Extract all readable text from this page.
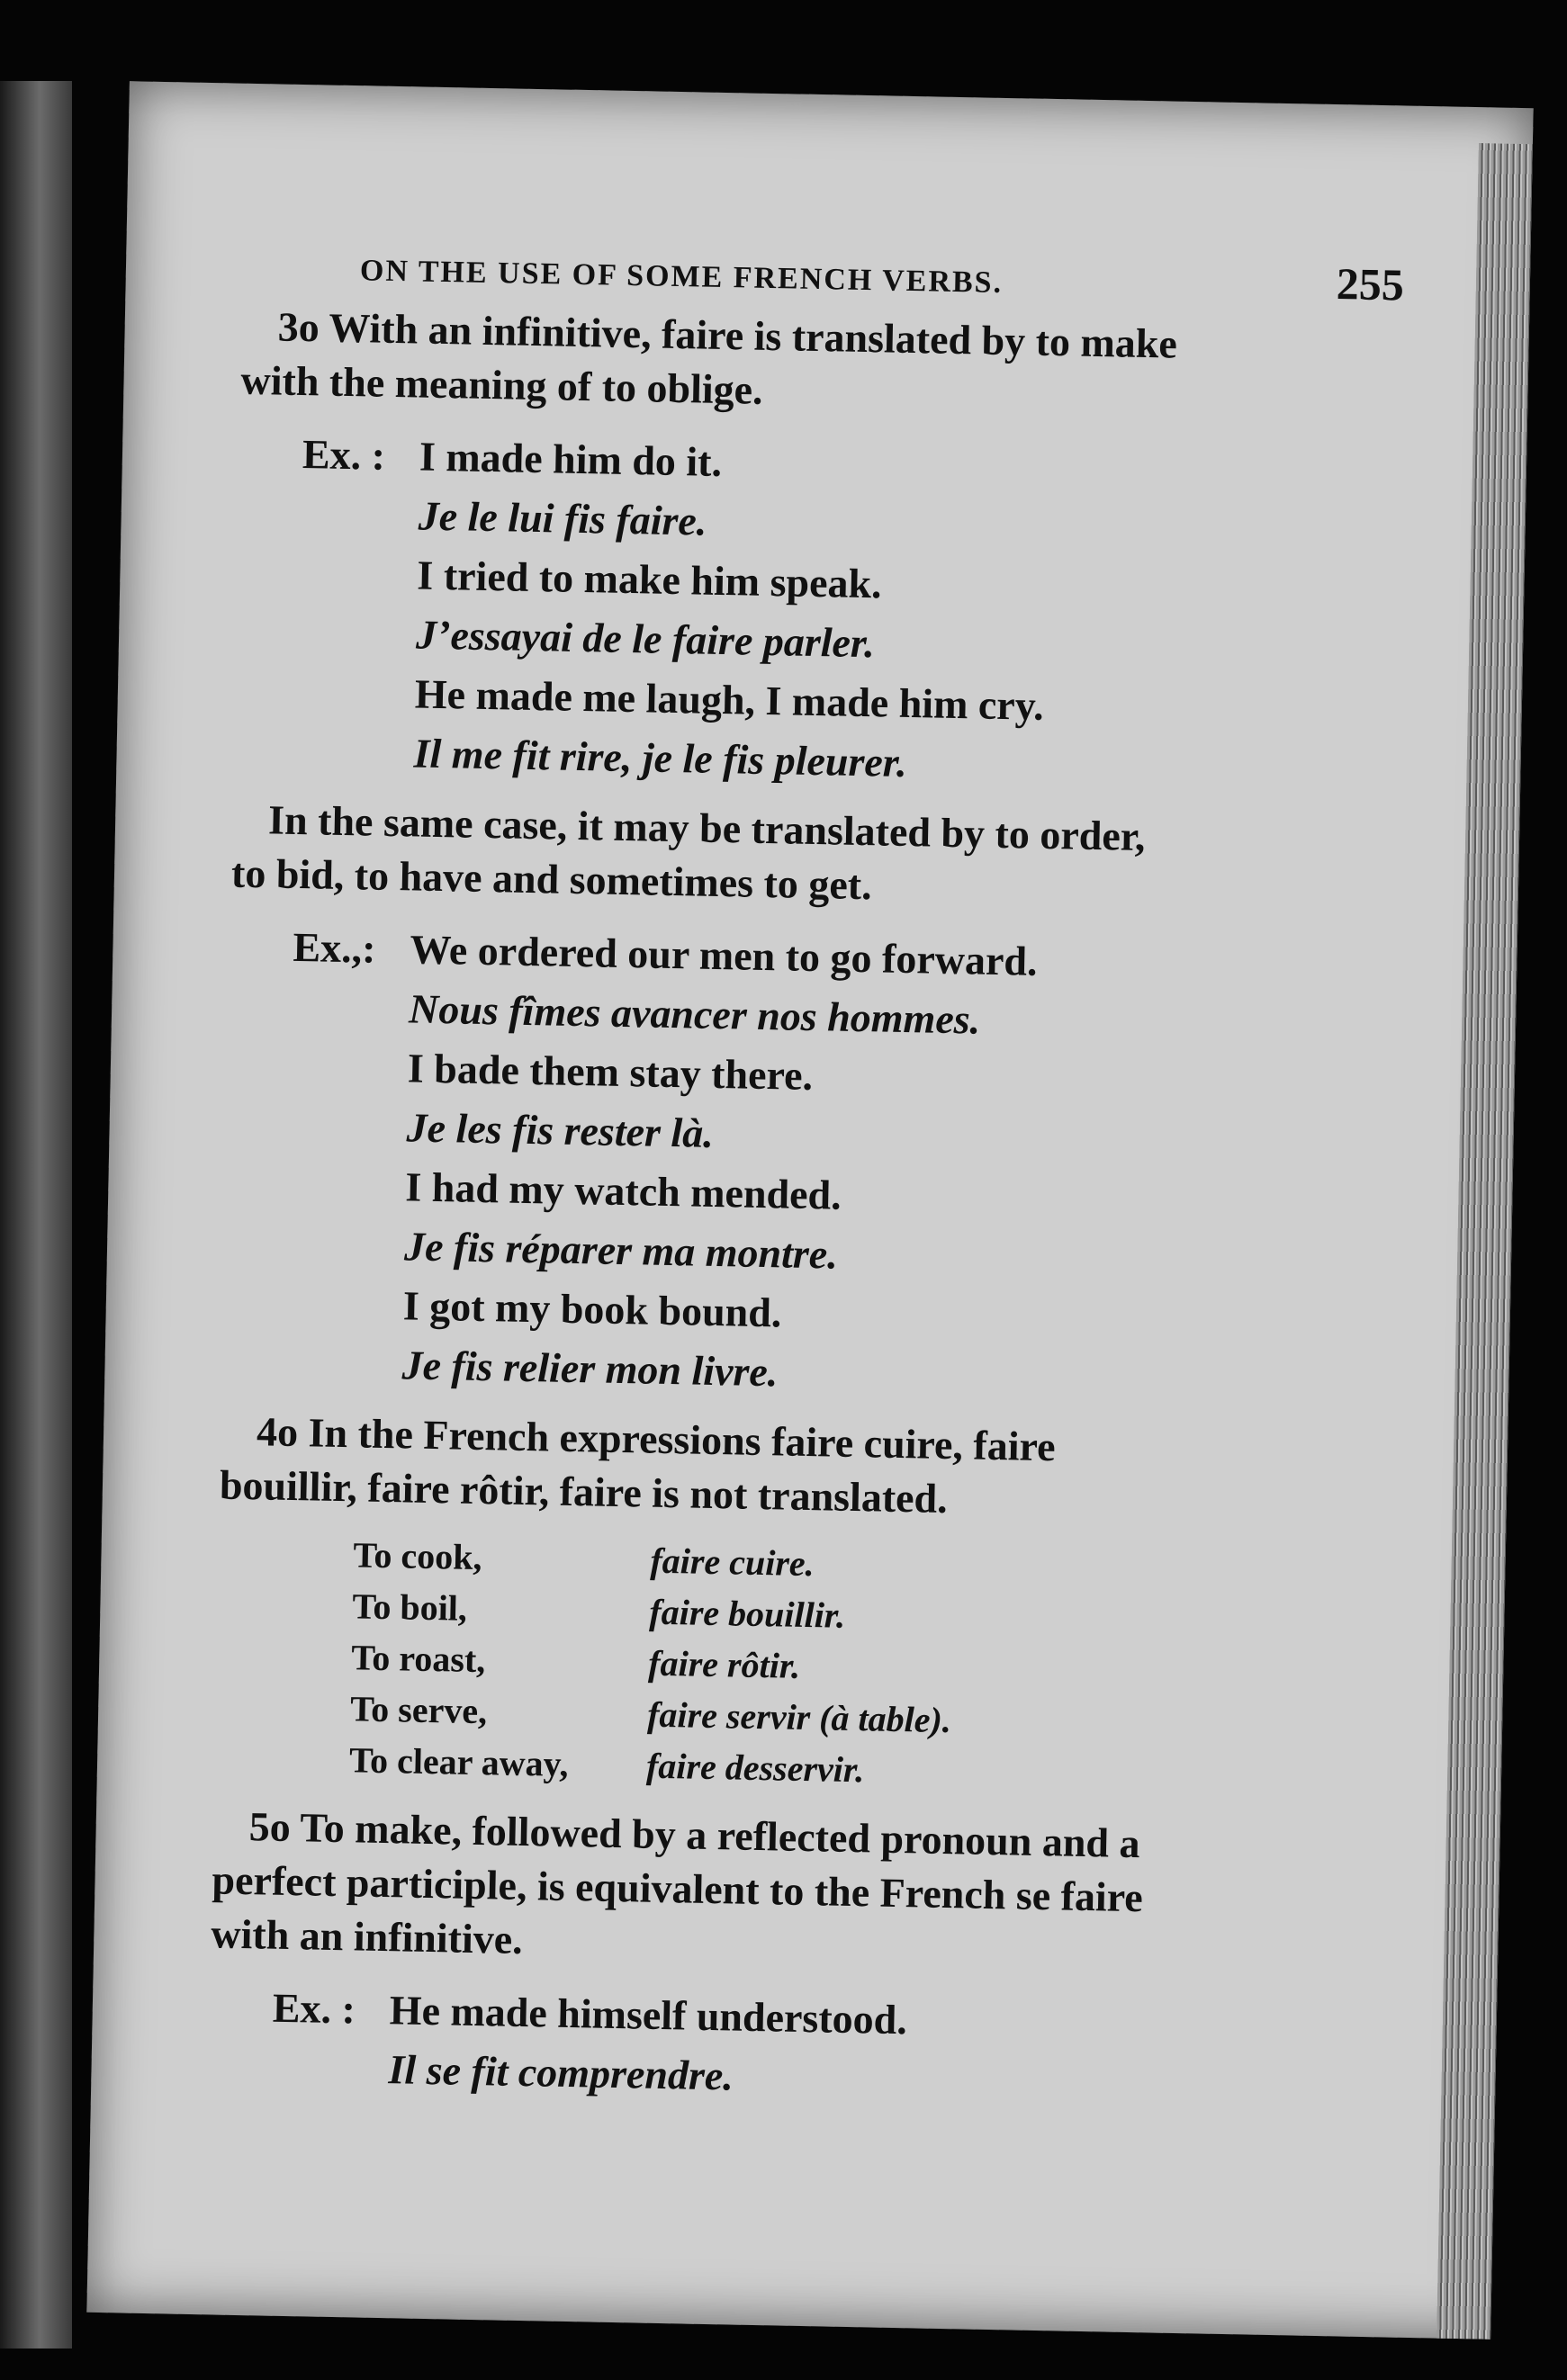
ON THE USE OF SOME FRENCH VERBS.	255

3o With an infinitive, faire is translated by to make

with the meaning of to oblige.

Ex. : I made him do it.
Je le lui fis faire.
I tried to make him speak.
J’essayai de le faire parler.
He made me laugh, I made him cry.
Il me fit rire, je le fis pleurer.

In the same case, it may be translated by to order,

to bid, to have and sometimes to get.

Ex.,: We ordered our men to go forward.
Nous fîmes avancer nos hommes.
I bade them stay there.
Je les fis rester là.
I had my watch mended.
Je fis réparer ma montre.
I got my book bound.
Je fis relier mon livre.

4o In the French expressions faire cuire, faire

bouillir, faire rôtir, faire is not translated.

To cook,	faire cuire.
To boil,	faire bouillir.
To roast,	faire rôtir.
To serve,	faire servir (à table).
To clear away,	faire desservir.

5o To make, followed by a reflected pronoun and a

perfect participle, is equivalent to the French se faire

with an infinitive.

Ex. : He made himself understood.
Il se fit comprendre.
